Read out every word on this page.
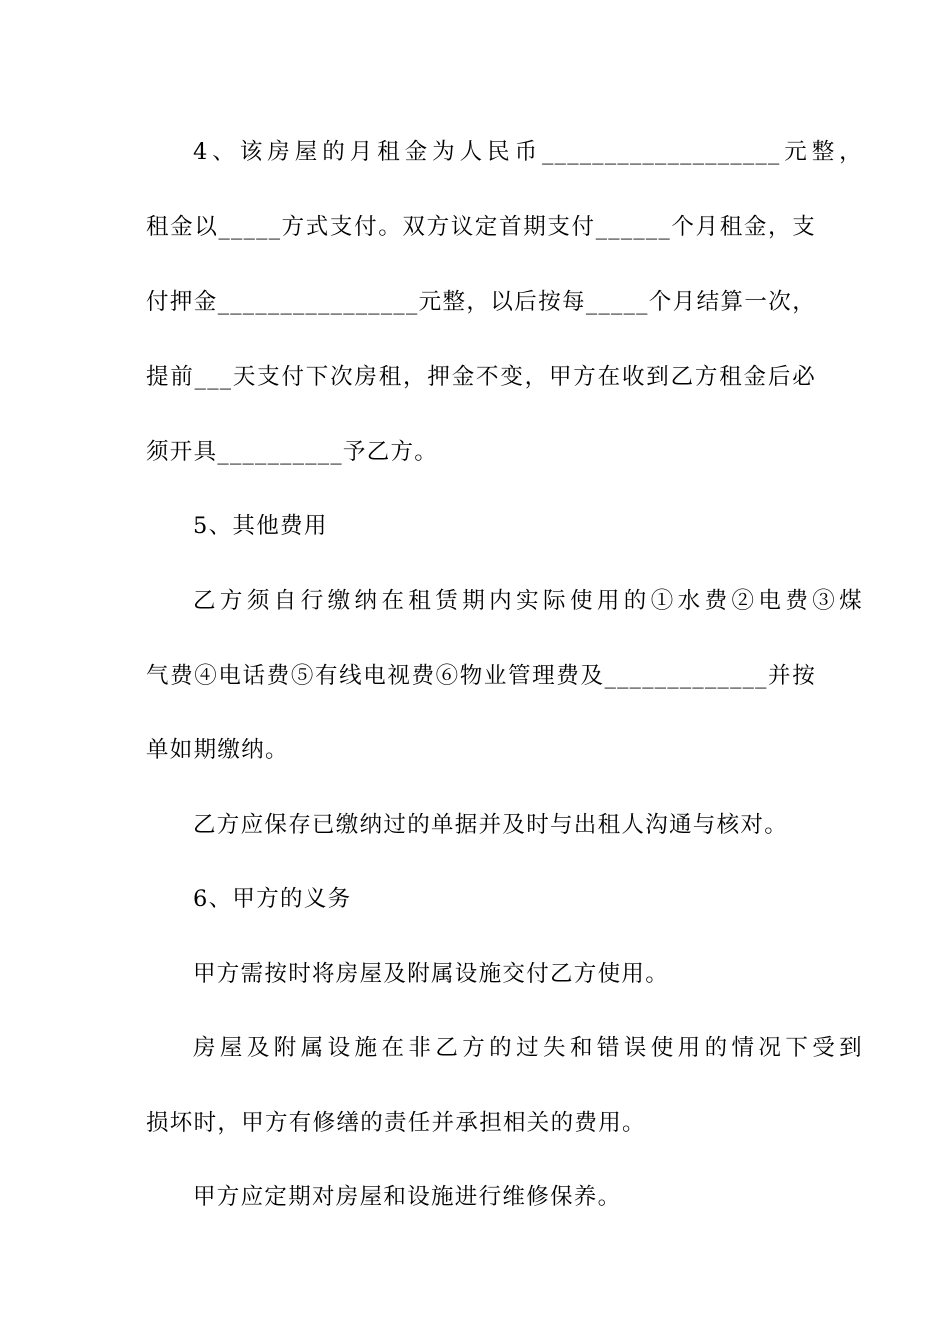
4、该房屋的月租金为人民币___________________元整，
租金以_____方式支付。双方议定首期支付______个月租金，支
付押金________________元整，以后按每_____个月结算一次，
提前___天支付下次房租，押金不变，甲方在收到乙方租金后必
须开具__________予乙方。
5、其他费用
乙方须自行缴纳在租赁期内实际使用的①水费②电费③煤
气费④电话费⑤有线电视费⑥物业管理费及_____________并按
单如期缴纳。
乙方应保存已缴纳过的单据并及时与出租人沟通与核对。
6、甲方的义务
甲方需按时将房屋及附属设施交付乙方使用。
房屋及附属设施在非乙方的过失和错误使用的情况下受到
损坏时，甲方有修缮的责任并承担相关的费用。
甲方应定期对房屋和设施进行维修保养。
